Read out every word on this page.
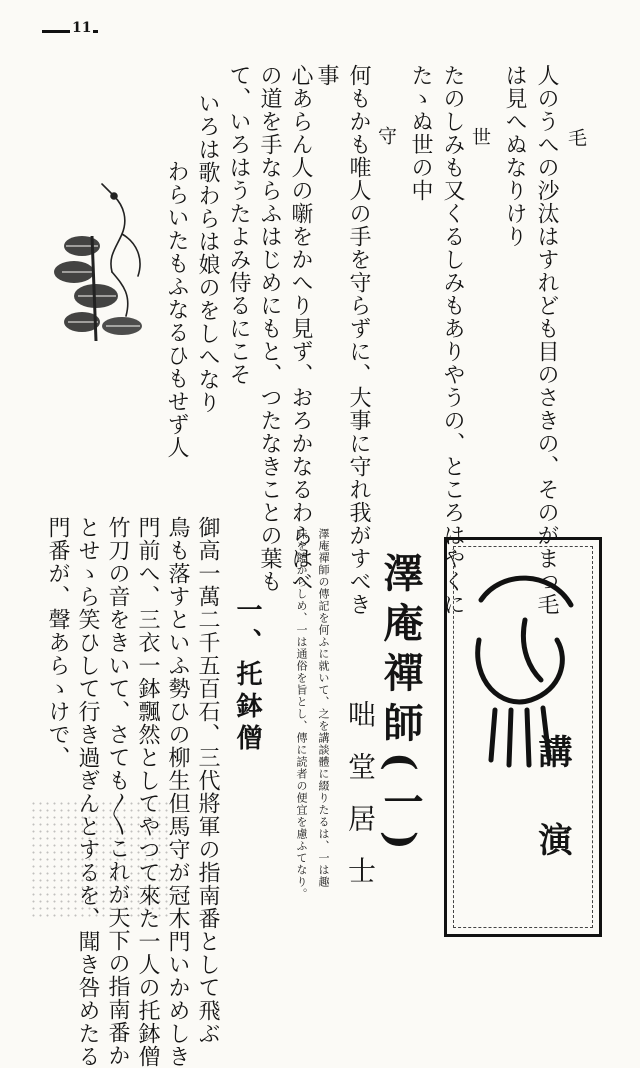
11
毛
人のうへの沙汰はすれども目のさきの、そのがまつ毛
は見へぬなりけり
世
たのしみも又くるしみもありやうの、ところはやくに
たゝぬ世の中
守
何もかも唯人の手を守らずに、大事に守れ我がすべき
事
心あらん人の噺をかへり見ず、おろかなるわらはべ
の道を手ならふはじめにもと、つたなきことの葉も
て、いろはうたよみ侍るにこそ
いろは歌わらは娘のをしへなり
わらいたもふなるひもせず人
講
演
澤庵禪師(一)
咄堂居士
澤庵禪師の傳記を何ふに就いて、之を講談體に綴りたるは、一は趣
味を饒からしめ、一は通俗を旨とし、傳に読者の便宜を慮ふてなり。
一、托鉢僧
御高一萬二千五百石、三代將軍の指南番として飛ぶ
鳥も落すといふ勢ひの柳生但馬守が冠木門いかめしき
門前へ、三衣一鉢飄然としてやつて來た一人の托鉢僧
竹刀の音をきいて、さても〳〵これが天下の指南番か
とせゝら笑ひして行き過ぎんとするを、聞き咎めたる
門番が、聲あらゝけで、
